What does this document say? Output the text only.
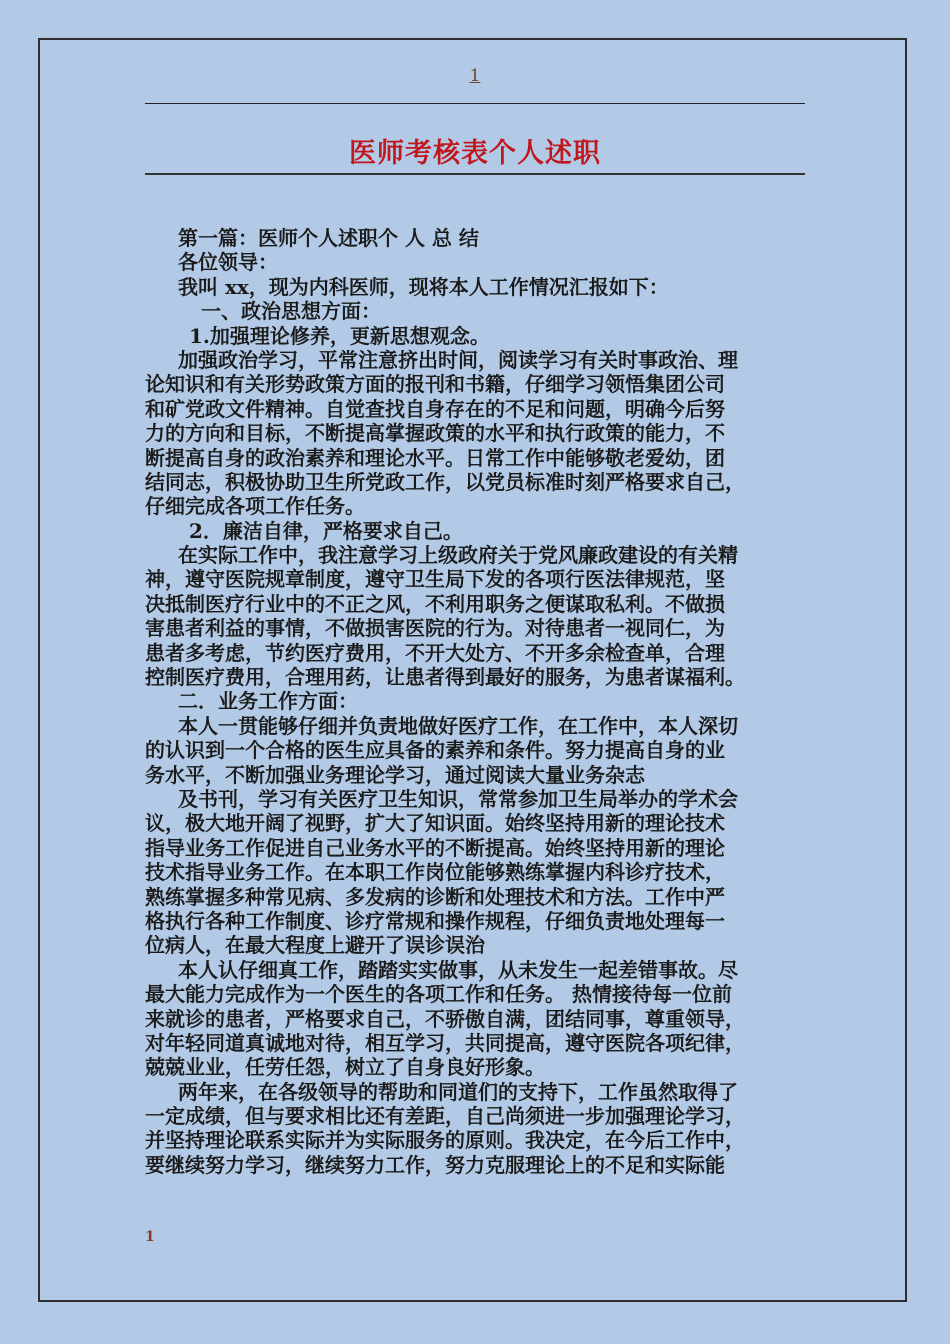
1
医师考核表个人述职
第一篇：医师个人述职个 人 总 结
各位领导：
我叫 xx，现为内科医师，现将本人工作情况汇报如下：
一、政治思想方面：
1.加强理论修养，更新思想观念。
加强政治学习，平常注意挤出时间，阅读学习有关时事政治、理
论知识和有关形势政策方面的报刊和书籍，仔细学习领悟集团公司
和矿党政文件精神。自觉查找自身存在的不足和问题，明确今后努
力的方向和目标，不断提高掌握政策的水平和执行政策的能力，不
断提高自身的政治素养和理论水平。日常工作中能够敬老爱幼，团
结同志，积极协助卫生所党政工作，以党员标准时刻严格要求自己，
仔细完成各项工作任务。
2．廉洁自律，严格要求自己。
在实际工作中，我注意学习上级政府关于党风廉政建设的有关精
神，遵守医院规章制度，遵守卫生局下发的各项行医法律规范，坚
决抵制医疗行业中的不正之风，不利用职务之便谋取私利。不做损
害患者利益的事情，不做损害医院的行为。对待患者一视同仁，为
患者多考虑，节约医疗费用，不开大处方、不开多余检查单，合理
控制医疗费用，合理用药，让患者得到最好的服务，为患者谋福利。
二．业务工作方面：
本人一贯能够仔细并负责地做好医疗工作，在工作中，本人深切
的认识到一个合格的医生应具备的素养和条件。努力提高自身的业
务水平，不断加强业务理论学习，通过阅读大量业务杂志
及书刊，学习有关医疗卫生知识，常常参加卫生局举办的学术会
议，极大地开阔了视野，扩大了知识面。始终坚持用新的理论技术
指导业务工作促进自己业务水平的不断提高。始终坚持用新的理论
技术指导业务工作。在本职工作岗位能够熟练掌握内科诊疗技术，
熟练掌握多种常见病、多发病的诊断和处理技术和方法。工作中严
格执行各种工作制度、诊疗常规和操作规程，仔细负责地处理每一
位病人，在最大程度上避开了误诊误治
本人认仔细真工作，踏踏实实做事，从未发生一起差错事故。尽
最大能力完成作为一个医生的各项工作和任务。 热情接待每一位前
来就诊的患者，严格要求自己，不骄傲自满，团结同事，尊重领导，
对年轻同道真诚地对待，相互学习，共同提高，遵守医院各项纪律，
兢兢业业，任劳任怨，树立了自身良好形象。
两年来，在各级领导的帮助和同道们的支持下，工作虽然取得了
一定成绩，但与要求相比还有差距，自己尚须进一步加强理论学习，
并坚持理论联系实际并为实际服务的原则。我决定，在今后工作中，
要继续努力学习，继续努力工作，努力克服理论上的不足和实际能
1
